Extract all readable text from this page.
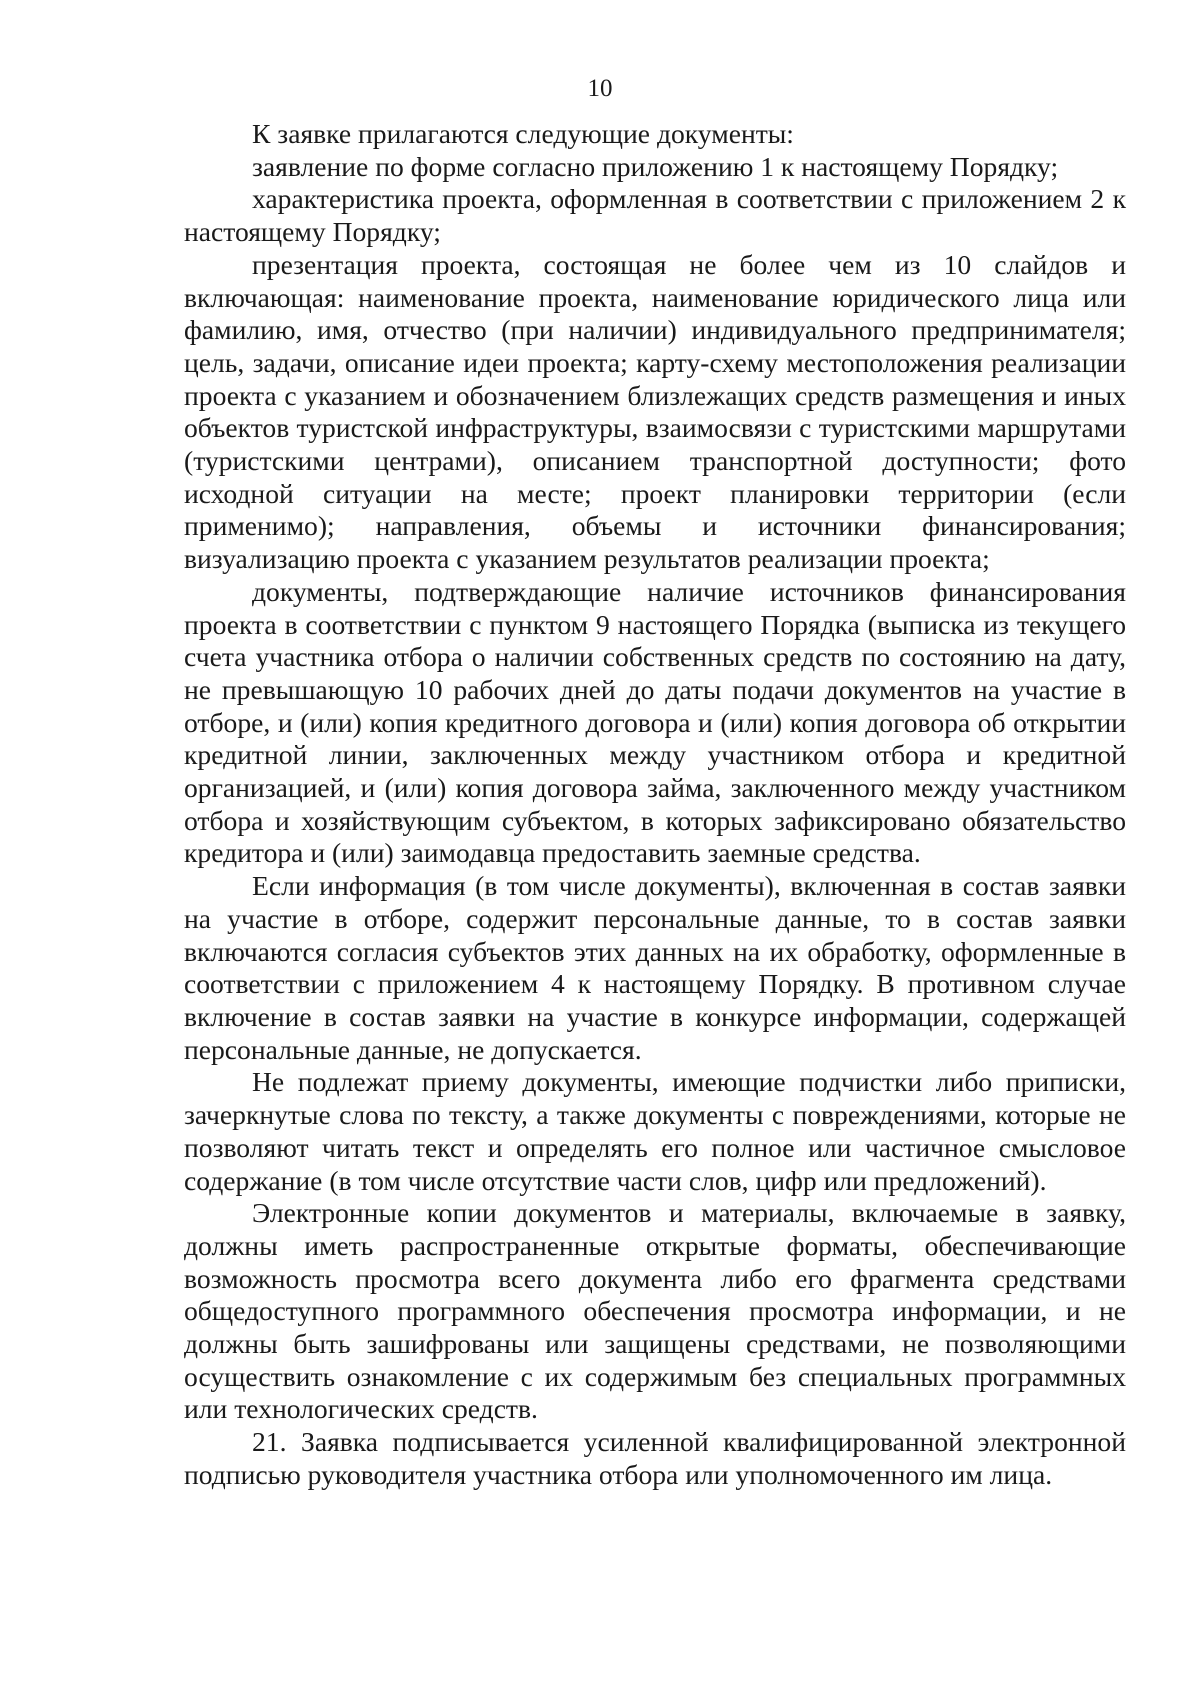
10

К заявке прилагаются следующие документы:

заявление по форме согласно приложению 1 к настоящему Порядку;

характеристика проекта, оформленная в соответствии с приложением 2 к настоящему Порядку;

презентация проекта, состоящая не более чем из 10 слайдов и включающая: наименование проекта, наименование юридического лица или фамилию, имя, отчество (при наличии) индивидуального предпринимателя; цель, задачи, описание идеи проекта; карту-схему местоположения реализации проекта с указанием и обозначением близлежащих средств размещения и иных объектов туристской инфраструктуры, взаимосвязи с туристскими маршрутами (туристскими центрами), описанием транспортной доступности; фото исходной ситуации на месте; проект планировки территории (если применимо); направления, объемы и источники финансирования; визуализацию проекта с указанием результатов реализации проекта;

документы, подтверждающие наличие источников финансирования проекта в соответствии с пунктом 9 настоящего Порядка (выписка из текущего счета участника отбора о наличии собственных средств по состоянию на дату, не превышающую 10 рабочих дней до даты подачи документов на участие в отборе, и (или) копия кредитного договора и (или) копия договора об открытии кредитной линии, заключенных между участником отбора и кредитной организацией, и (или) копия договора займа, заключенного между участником отбора и хозяйствующим субъектом, в которых зафиксировано обязательство кредитора и (или) заимодавца предоставить заемные средства.

Если информация (в том числе документы), включенная в состав заявки на участие в отборе, содержит персональные данные, то в состав заявки включаются согласия субъектов этих данных на их обработку, оформленные в соответствии с приложением 4 к настоящему Порядку. В противном случае включение в состав заявки на участие в конкурсе информации, содержащей персональные данные, не допускается.

Не подлежат приему документы, имеющие подчистки либо приписки, зачеркнутые слова по тексту, а также документы с повреждениями, которые не позволяют читать текст и определять его полное или частичное смысловое содержание (в том числе отсутствие части слов, цифр или предложений).

Электронные копии документов и материалы, включаемые в заявку, должны иметь распространенные открытые форматы, обеспечивающие возможность просмотра всего документа либо его фрагмента средствами общедоступного программного обеспечения просмотра информации, и не должны быть зашифрованы или защищены средствами, не позволяющими осуществить ознакомление с их содержимым без специальных программных или технологических средств.

21. Заявка подписывается усиленной квалифицированной электронной подписью руководителя участника отбора или уполномоченного им лица.
